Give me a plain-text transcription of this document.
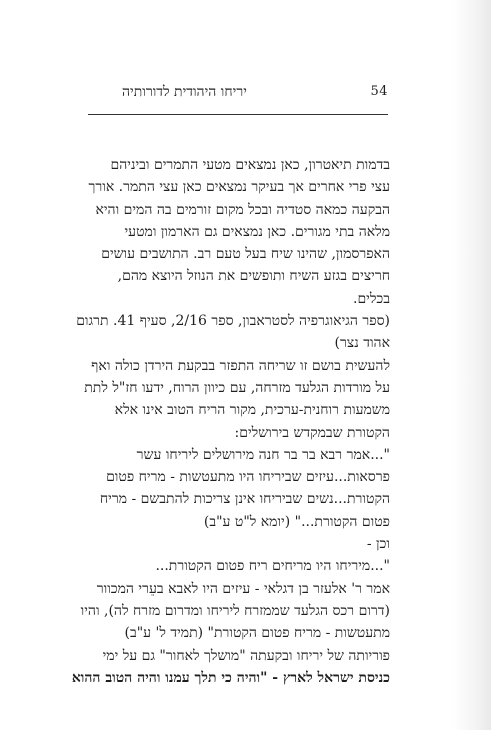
54
יריחו היהודית לדורותיה
בדמות תיאטרון, כאן נמצאים מטעי התמרים וביניהם
עצי פרי אחרים אך בעיקר נמצאים כאן עצי התמר. אורך
הבקעה כמאה סטדיה ובכל מקום זורמים בה המים והיא
מלאה בתי מגורים. כאן נמצאים גם הארמון ומטעי
האפרסמון, שהינו שיח בעל טעם רב. התושבים עושים
חריצים בגזע השיח ותופשים את הנוזל היוצא מהם,
בכלים.
(ספר הגיאוגרפיה לסטראבון, ספר 2/16, סעיף 41. תרגום
אהוד נצר)
להעשית בושם זו שריחה התפזר בבקעת הירדן כולה ואף
על מורדות הגלעד מזרחה, עם כיוון הרוח, ידעו חז"ל לתת
משמעות רוחנית-ערכית, מקור הריח הטוב אינו אלא
הקטורת שבמקדש בירושלים:
"...אמר רבא בר בר חנה מירושלים ליריחו עשר
פרסאות...עיזים שביריחו היו מתעטשות - מריח פטום
הקטורת...נשים שביריחו אינן צריכות להתבשם - מריח
פטום הקטורת..." (יומא ל"ט ע"ב)
וכן -
"...מיריחו היו מריחים ריח פטום הקטורת...
אמר ר' אלעזר בן דגלאי - עיזים היו לאבא בעֵרי המכוור
(דרום רכס הגלעד שממזרח ליריחו ומדרום מזרח לה), והיו
מתעטשות - מריח פטום הקטורת" (תמיד ל' ע"ב)
פוריותה של יריחו ובקעתה "מושלך לאחור" גם על ימי
כניסת ישראל לארץ - "והיה כי תלך עמנו והיה הטוב ההוא
